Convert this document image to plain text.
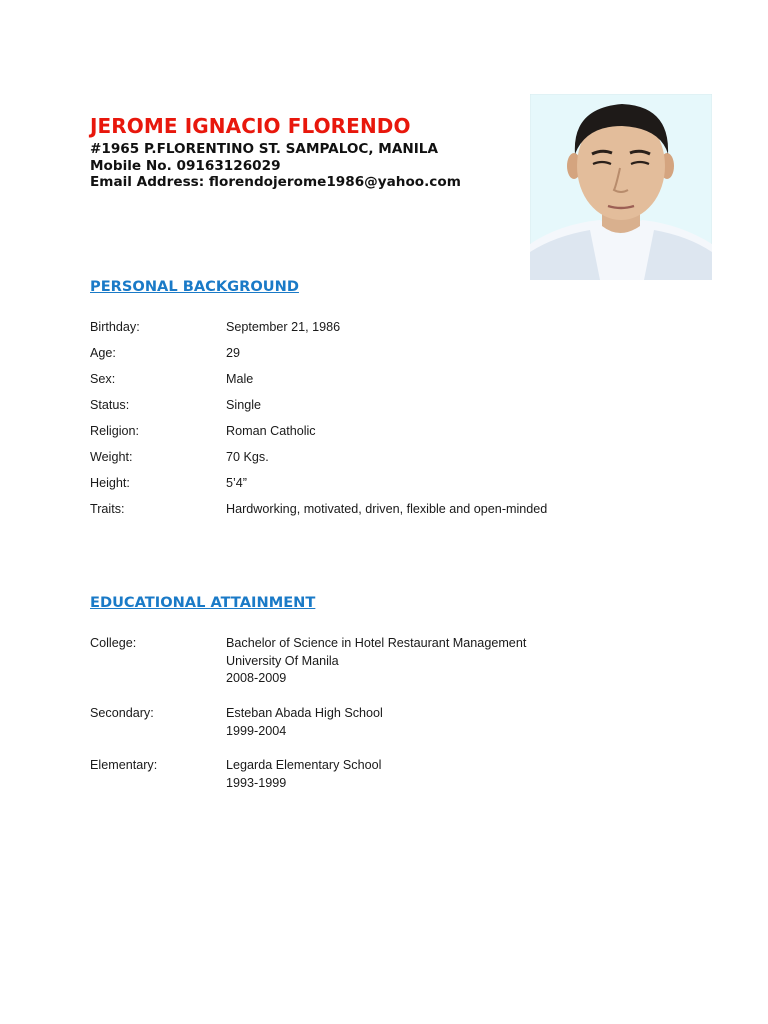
JEROME IGNACIO FLORENDO
#1965 P.FLORENTINO ST. SAMPALOC, MANILA
Mobile No. 09163126029
Email Address: florendojerome1986@yahoo.com
PERSONAL BACKGROUND
Birthday:	September 21, 1986
Age:	29
Sex:	Male
Status:	Single
Religion:	Roman Catholic
Weight:	70 Kgs.
Height:	5’4”
Traits:	Hardworking, motivated, driven, flexible and open-minded
EDUCATIONAL ATTAINMENT
College:	Bachelor of Science in Hotel Restaurant Management
University Of Manila
2008-2009
Secondary:	Esteban Abada High School
1999-2004
Elementary:	Legarda Elementary School
1993-1999
